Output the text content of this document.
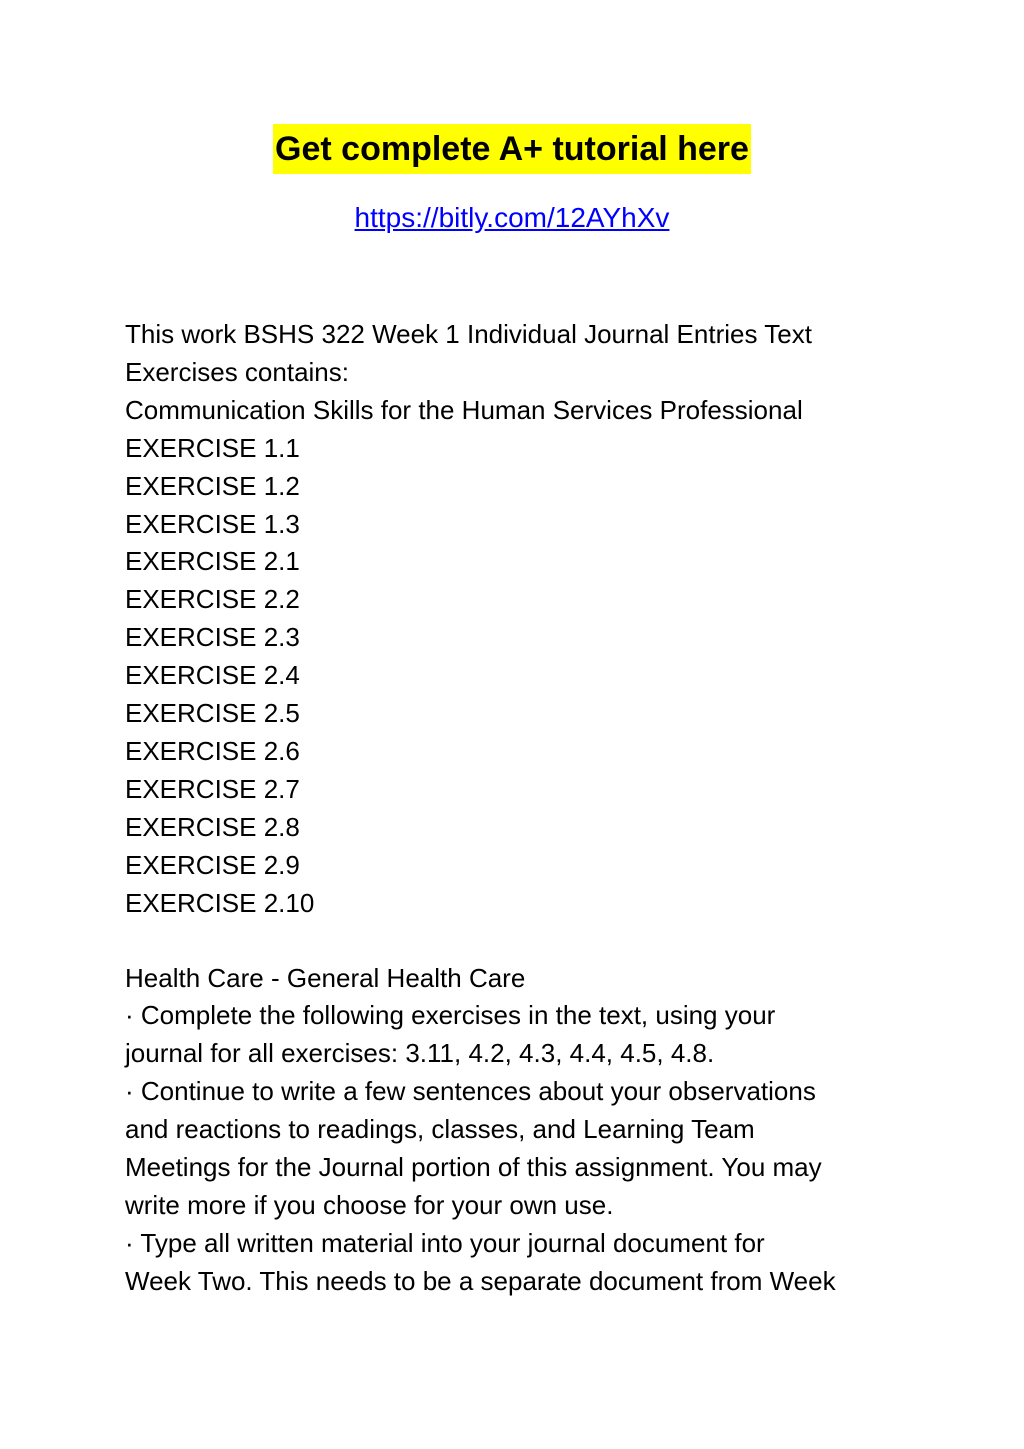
Get complete A+ tutorial here
https://bitly.com/12AYhXv
This work BSHS 322 Week 1 Individual Journal Entries Text
Exercises contains:
Communication Skills for the Human Services Professional
EXERCISE 1.1
EXERCISE 1.2
EXERCISE 1.3
EXERCISE 2.1
EXERCISE 2.2
EXERCISE 2.3
EXERCISE 2.4
EXERCISE 2.5
EXERCISE 2.6
EXERCISE 2.7
EXERCISE 2.8
EXERCISE 2.9
EXERCISE 2.10
Health Care - General Health Care
· Complete the following exercises in the text, using your
journal for all exercises: 3.11, 4.2, 4.3, 4.4, 4.5, 4.8.
· Continue to write a few sentences about your observations
and reactions to readings, classes, and Learning Team
Meetings for the Journal portion of this assignment. You may
write more if you choose for your own use.
· Type all written material into your journal document for
Week Two. This needs to be a separate document from Week
